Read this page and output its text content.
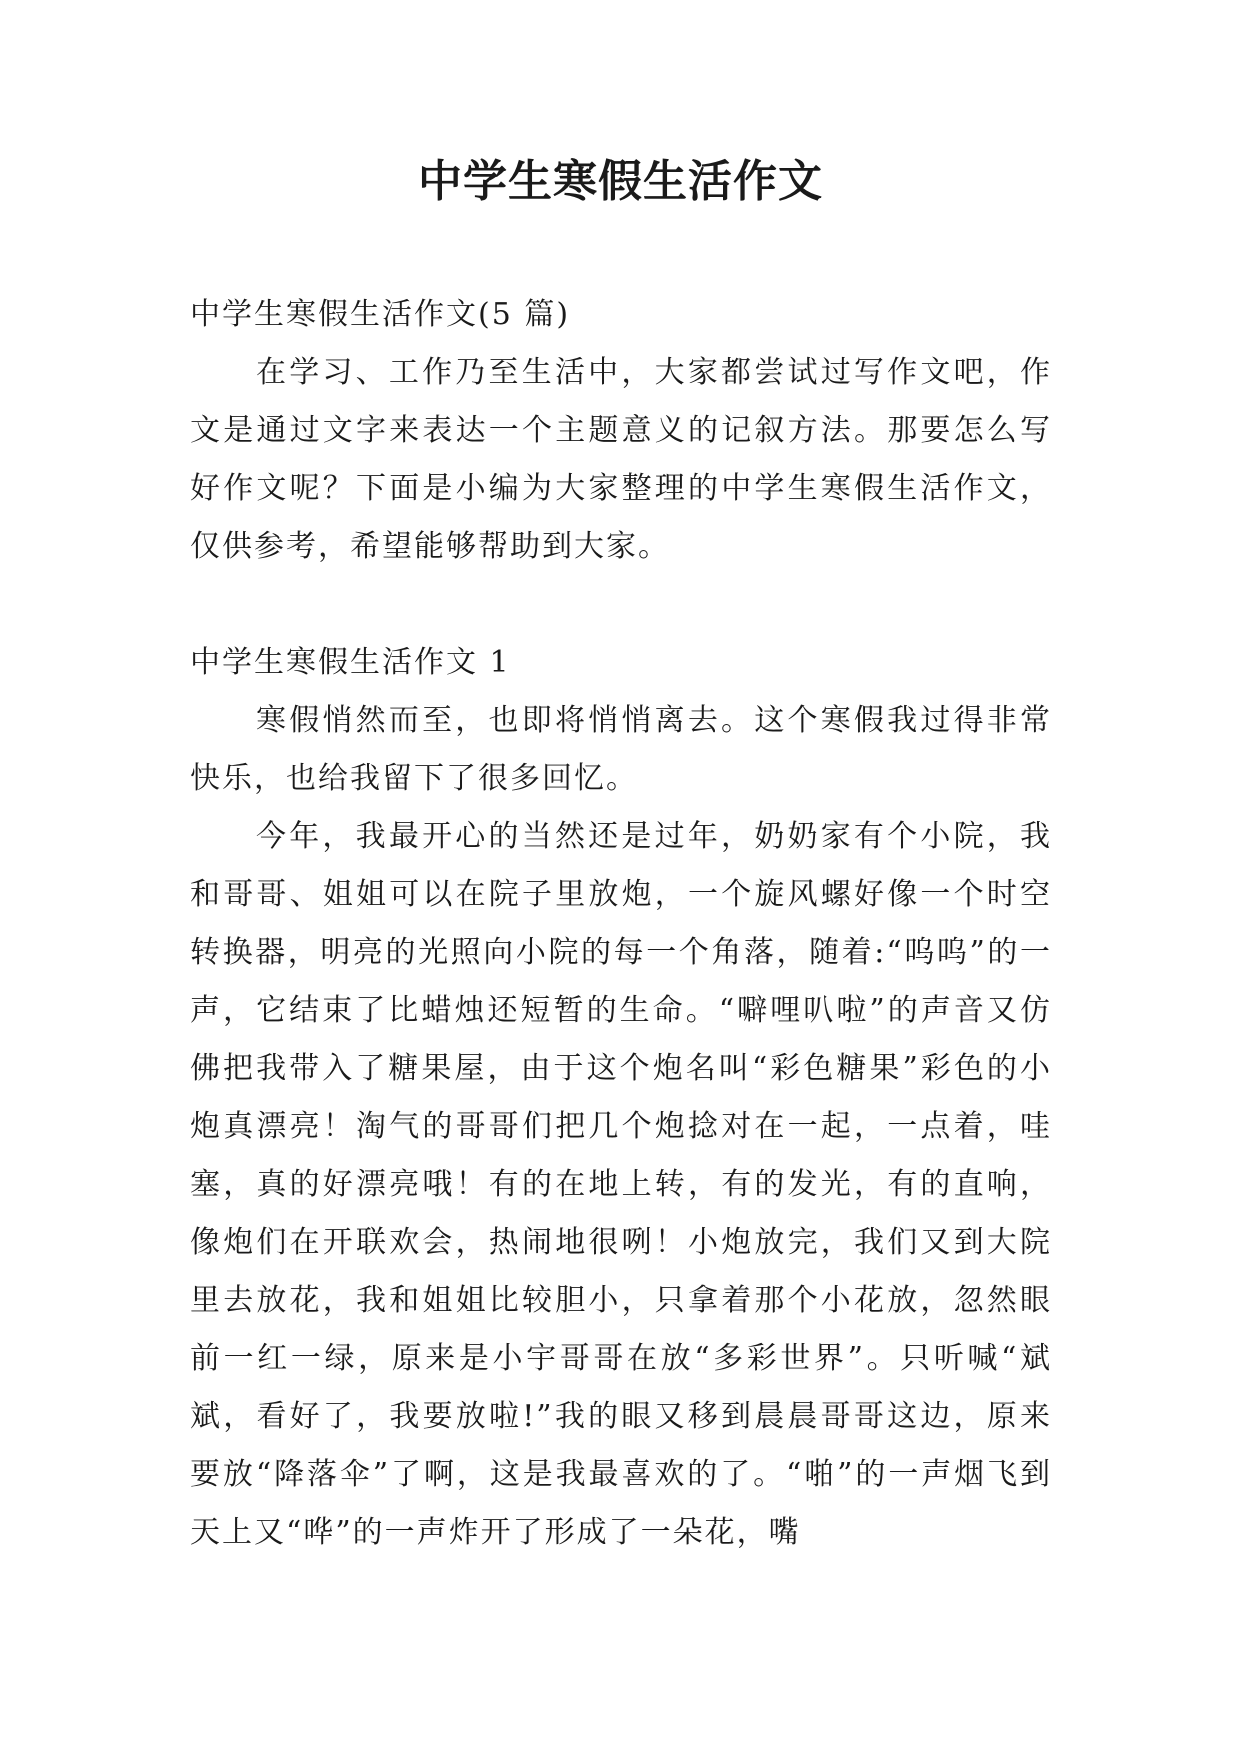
中学生寒假生活作文

中学生寒假生活作文(5 篇)

在学习、工作乃至生活中，大家都尝试过写作文吧，作文是通过文字来表达一个主题意义的记叙方法。那要怎么写好作文呢？下面是小编为大家整理的中学生寒假生活作文，仅供参考，希望能够帮助到大家。

中学生寒假生活作文 1

寒假悄然而至，也即将悄悄离去。这个寒假我过得非常快乐，也给我留下了很多回忆。

今年，我最开心的当然还是过年，奶奶家有个小院，我和哥哥、姐姐可以在院子里放炮，一个旋风螺好像一个时空转换器，明亮的光照向小院的每一个角落，随着:“呜呜”的一声，它结束了比蜡烛还短暂的生命。“噼哩叭啦”的声音又仿佛把我带入了糖果屋，由于这个炮名叫“彩色糖果”彩色的小炮真漂亮！淘气的哥哥们把几个炮捻对在一起，一点着，哇塞，真的好漂亮哦！有的在地上转，有的发光，有的直响，像炮们在开联欢会，热闹地很咧！小炮放完，我们又到大院里去放花，我和姐姐比较胆小，只拿着那个小花放，忽然眼前一红一绿，原来是小宇哥哥在放“多彩世界”。只听喊“斌斌，看好了，我要放啦!”我的眼又移到晨晨哥哥这边，原来要放“降落伞”了啊，这是我最喜欢的了。“啪”的一声烟飞到天上又“哗”的一声炸开了形成了一朵花，嘴
